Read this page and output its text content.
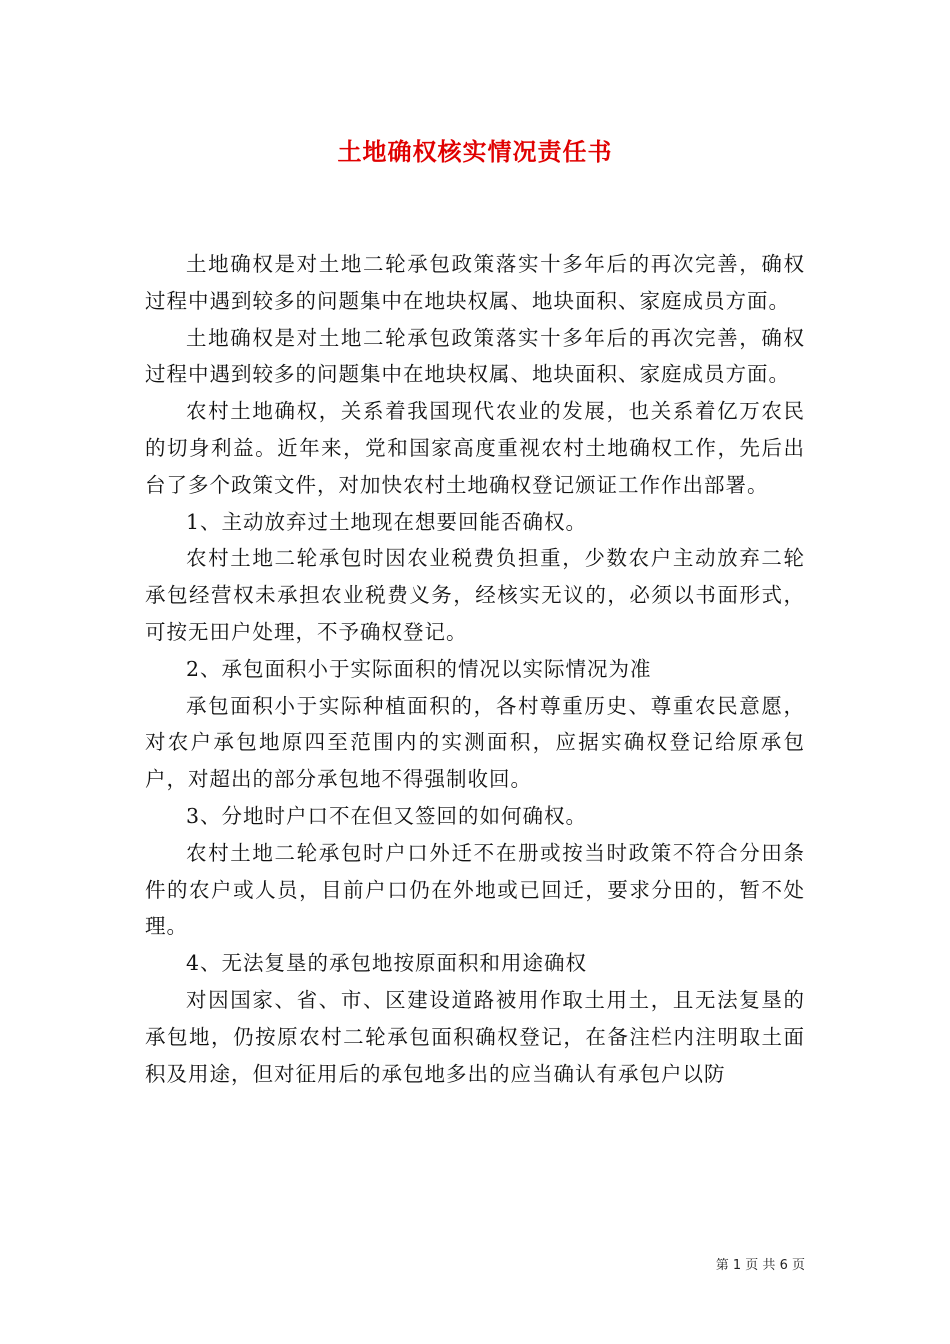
土地确权核实情况责任书

土地确权是对土地二轮承包政策落实十多年后的再次完善，确权过程中遇到较多的问题集中在地块权属、地块面积、家庭成员方面。

土地确权是对土地二轮承包政策落实十多年后的再次完善，确权过程中遇到较多的问题集中在地块权属、地块面积、家庭成员方面。

农村土地确权，关系着我国现代农业的发展，也关系着亿万农民的切身利益。近年来，党和国家高度重视农村土地确权工作，先后出台了多个政策文件，对加快农村土地确权登记颁证工作作出部署。

1、主动放弃过土地现在想要回能否确权。

农村土地二轮承包时因农业税费负担重，少数农户主动放弃二轮承包经营权未承担农业税费义务，经核实无议的，必须以书面形式，可按无田户处理，不予确权登记。

2、承包面积小于实际面积的情况以实际情况为准

承包面积小于实际种植面积的，各村尊重历史、尊重农民意愿，对农户承包地原四至范围内的实测面积，应据实确权登记给原承包户，对超出的部分承包地不得强制收回。

3、分地时户口不在但又签回的如何确权。

农村土地二轮承包时户口外迁不在册或按当时政策不符合分田条件的农户或人员，目前户口仍在外地或已回迁，要求分田的，暂不处理。

4、无法复垦的承包地按原面积和用途确权

对因国家、省、市、区建设道路被用作取土用土，且无法复垦的承包地，仍按原农村二轮承包面积确权登记，在备注栏内注明取土面积及用途，但对征用后的承包地多出的应当确认有承包户以防

第 1 页 共 6 页
